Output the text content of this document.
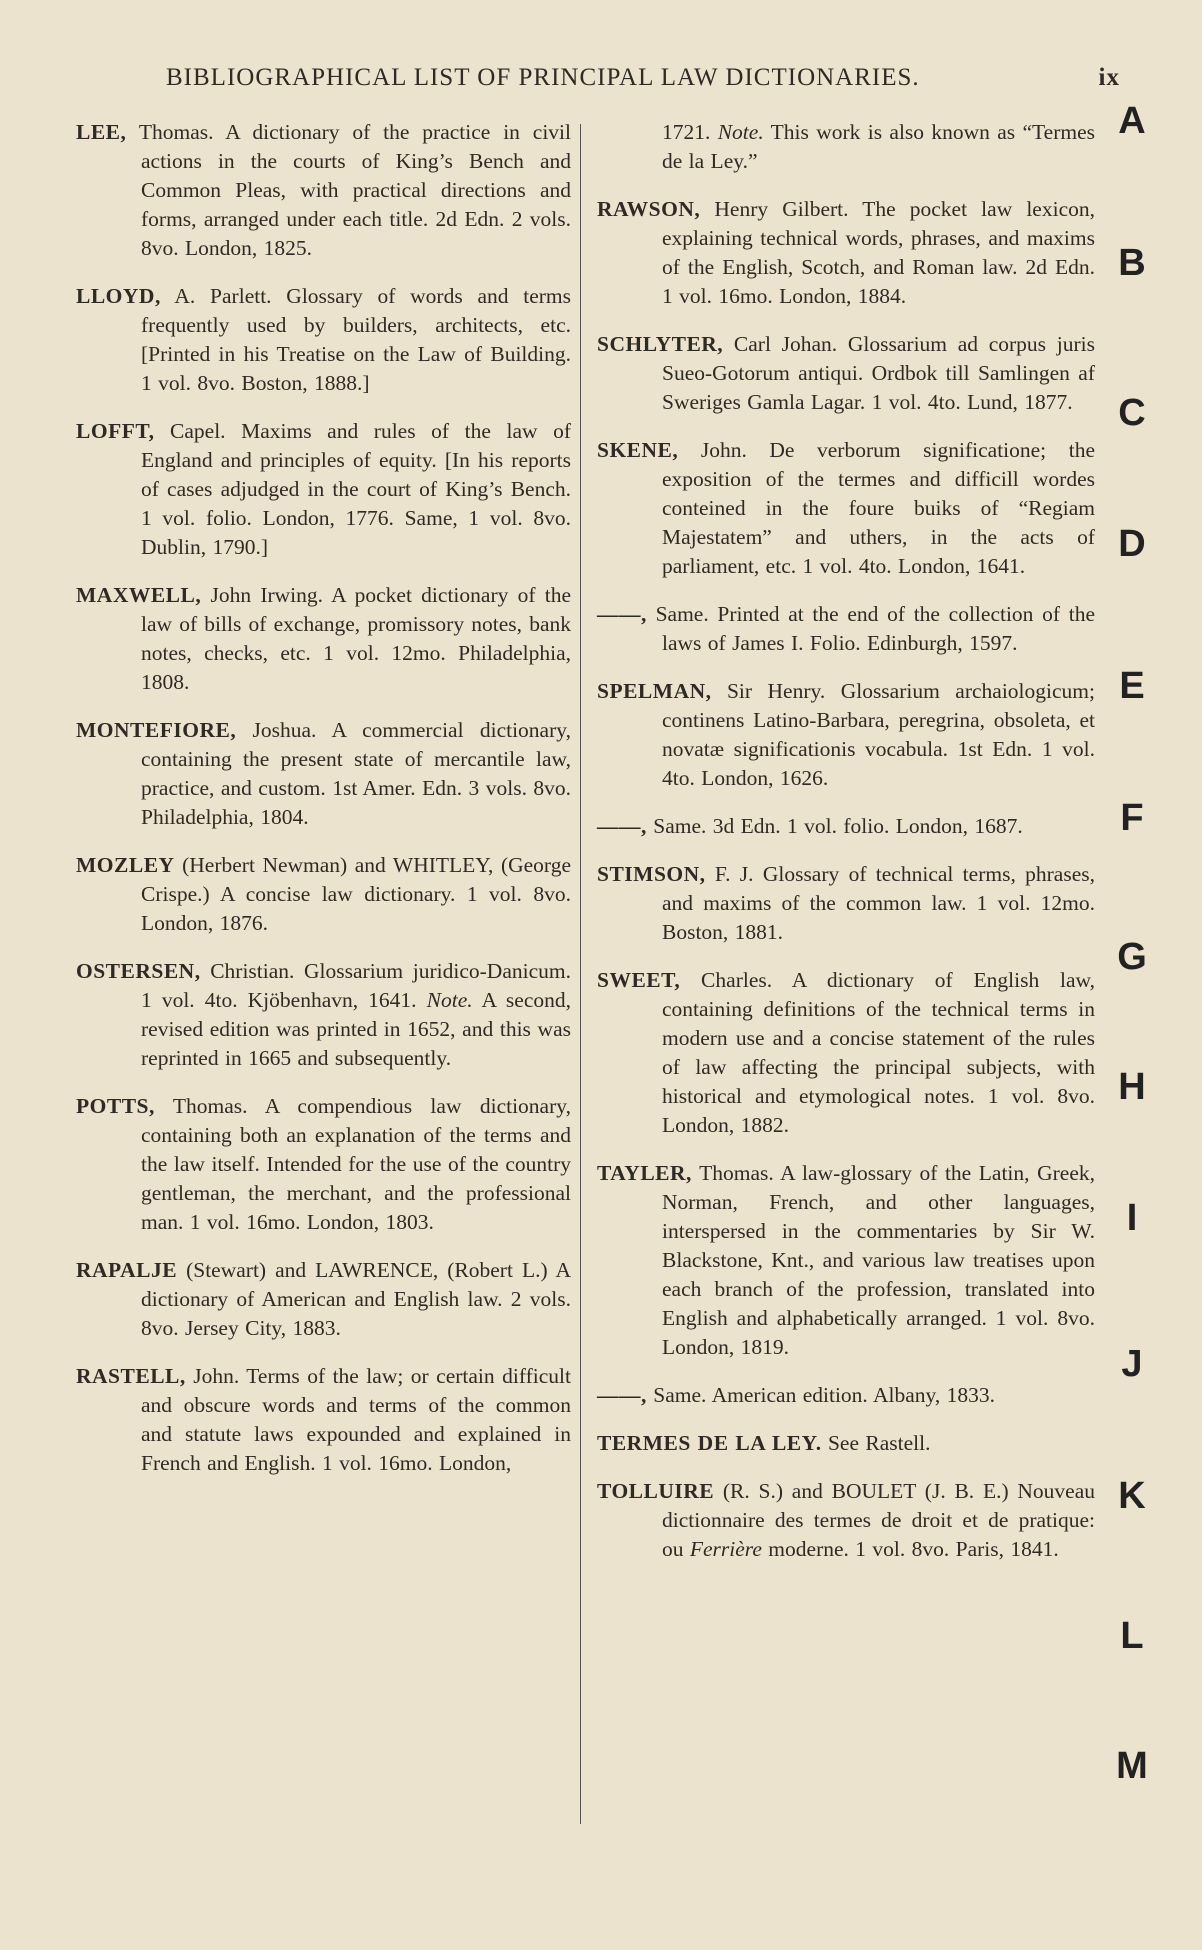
BIBLIOGRAPHICAL LIST OF PRINCIPAL LAW DICTIONARIES.	ix
LEE, Thomas. A dictionary of the practice in civil actions in the courts of King’s Bench and Common Pleas, with practical directions and forms, arranged under each title. 2d Edn. 2 vols. 8vo. London, 1825.
LLOYD, A. Parlett. Glossary of words and terms frequently used by builders, architects, etc. [Printed in his Treatise on the Law of Building. 1 vol. 8vo. Boston, 1888.]
LOFFT, Capel. Maxims and rules of the law of England and principles of equity. [In his reports of cases adjudged in the court of King’s Bench. 1 vol. folio. London, 1776. Same, 1 vol. 8vo. Dublin, 1790.]
MAXWELL, John Irwing. A pocket dictionary of the law of bills of exchange, promissory notes, bank notes, checks, etc. 1 vol. 12mo. Philadelphia, 1808.
MONTEFIORE, Joshua. A commercial dictionary, containing the present state of mercantile law, practice, and custom. 1st Amer. Edn. 3 vols. 8vo. Philadelphia, 1804.
MOZLEY (Herbert Newman) and WHITLEY, (George Crispe.) A concise law dictionary. 1 vol. 8vo. London, 1876.
OSTERSEN, Christian. Glossarium juridico-Danicum. 1 vol. 4to. Kjöbenhavn, 1641. Note. A second, revised edition was printed in 1652, and this was reprinted in 1665 and subsequently.
POTTS, Thomas. A compendious law dictionary, containing both an explanation of the terms and the law itself. Intended for the use of the country gentleman, the merchant, and the professional man. 1 vol. 16mo. London, 1803.
RAPALJE (Stewart) and LAWRENCE, (Robert L.) A dictionary of American and English law. 2 vols. 8vo. Jersey City, 1883.
RASTELL, John. Terms of the law; or certain difficult and obscure words and terms of the common and statute laws expounded and explained in French and English. 1 vol. 16mo. London,
1721. Note. This work is also known as “Termes de la Ley.”
RAWSON, Henry Gilbert. The pocket law lexicon, explaining technical words, phrases, and maxims of the English, Scotch, and Roman law. 2d Edn. 1 vol. 16mo. London, 1884.
SCHLYTER, Carl Johan. Glossarium ad corpus juris Sueo-Gotorum antiqui. Ordbok till Samlingen af Sweriges Gamla Lagar. 1 vol. 4to. Lund, 1877.
SKENE, John. De verborum significatione; the exposition of the termes and difficill wordes conteined in the foure buiks of “Regiam Majestatem” and uthers, in the acts of parliament, etc. 1 vol. 4to. London, 1641.
——, Same. Printed at the end of the collection of the laws of James I. Folio. Edinburgh, 1597.
SPELMAN, Sir Henry. Glossarium archaiologicum; continens Latino-Barbara, peregrina, obsoleta, et novatæ significationis vocabula. 1st Edn. 1 vol. 4to. London, 1626.
——, Same. 3d Edn. 1 vol. folio. London, 1687.
STIMSON, F. J. Glossary of technical terms, phrases, and maxims of the common law. 1 vol. 12mo. Boston, 1881.
SWEET, Charles. A dictionary of English law, containing definitions of the technical terms in modern use and a concise statement of the rules of law affecting the principal subjects, with historical and etymological notes. 1 vol. 8vo. London, 1882.
TAYLER, Thomas. A law-glossary of the Latin, Greek, Norman, French, and other languages, interspersed in the commentaries by Sir W. Blackstone, Knt., and various law treatises upon each branch of the profession, translated into English and alphabetically arranged. 1 vol. 8vo. London, 1819.
——, Same. American edition. Albany, 1833.
TERMES DE LA LEY. See Rastell.
TOLLUIRE (R. S.) and BOULET (J. B. E.) Nouveau dictionnaire des termes de droit et de pratique: ou Ferrière moderne. 1 vol. 8vo. Paris, 1841.
A
B
C
D
E
F
G
H
I
J
K
L
M
